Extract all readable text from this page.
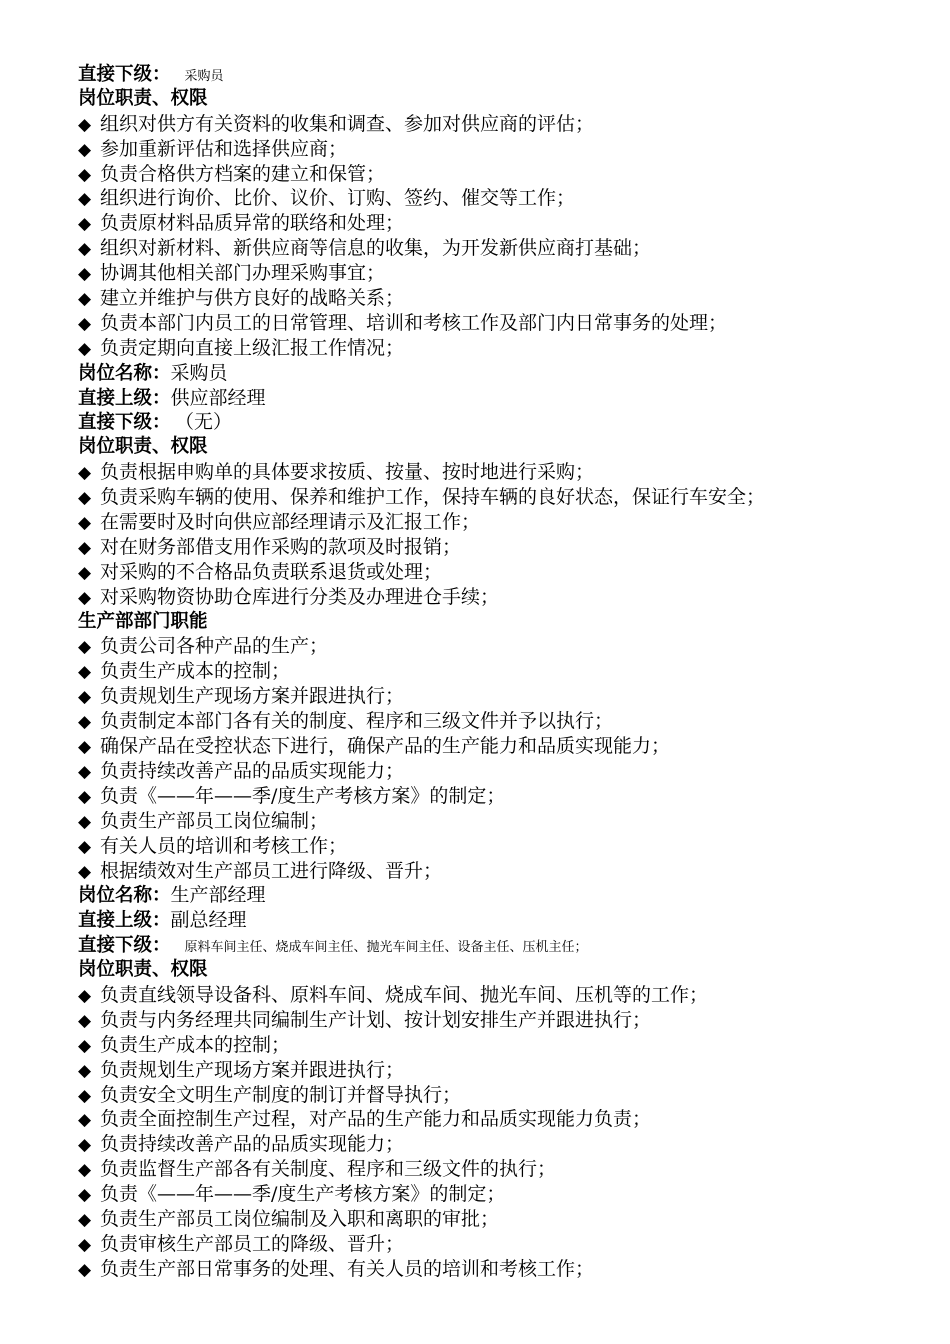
直接下级： 采购员
岗位职责、权限
◆ 组织对供方有关资料的收集和调查、参加对供应商的评估；
◆ 参加重新评估和选择供应商；
◆ 负责合格供方档案的建立和保管；
◆ 组织进行询价、比价、议价、订购、签约、催交等工作；
◆ 负责原材料品质异常的联络和处理；
◆ 组织对新材料、新供应商等信息的收集，为开发新供应商打基础；
◆ 协调其他相关部门办理采购事宜；
◆ 建立并维护与供方良好的战略关系；
◆ 负责本部门内员工的日常管理、培训和考核工作及部门内日常事务的处理；
◆ 负责定期向直接上级汇报工作情况；
岗位名称：采购员
直接上级：供应部经理
直接下级： （无）
岗位职责、权限
◆ 负责根据申购单的具体要求按质、按量、按时地进行采购；
◆ 负责采购车辆的使用、保养和维护工作，保持车辆的良好状态，保证行车安全；
◆ 在需要时及时向供应部经理请示及汇报工作；
◆ 对在财务部借支用作采购的款项及时报销；
◆ 对采购的不合格品负责联系退货或处理；
◆ 对采购物资协助仓库进行分类及办理进仓手续；
生产部部门职能
◆ 负责公司各种产品的生产；
◆ 负责生产成本的控制；
◆ 负责规划生产现场方案并跟进执行；
◆ 负责制定本部门各有关的制度、程序和三级文件并予以执行；
◆ 确保产品在受控状态下进行，确保产品的生产能力和品质实现能力；
◆ 负责持续改善产品的品质实现能力；
◆ 负责《——年——季/度生产考核方案》的制定；
◆ 负责生产部员工岗位编制；
◆ 有关人员的培训和考核工作；
◆ 根据绩效对生产部员工进行降级、晋升；
岗位名称：生产部经理
直接上级：副总经理
直接下级： 原料车间主任、烧成车间主任、抛光车间主任、设备主任、压机主任；
岗位职责、权限
◆ 负责直线领导设备科、原料车间、烧成车间、抛光车间、压机等的工作；
◆ 负责与内务经理共同编制生产计划、按计划安排生产并跟进执行；
◆ 负责生产成本的控制；
◆ 负责规划生产现场方案并跟进执行；
◆ 负责安全文明生产制度的制订并督导执行；
◆ 负责全面控制生产过程，对产品的生产能力和品质实现能力负责；
◆ 负责持续改善产品的品质实现能力；
◆ 负责监督生产部各有关制度、程序和三级文件的执行；
◆ 负责《——年——季/度生产考核方案》的制定；
◆ 负责生产部员工岗位编制及入职和离职的审批；
◆ 负责审核生产部员工的降级、晋升；
◆ 负责生产部日常事务的处理、有关人员的培训和考核工作；
